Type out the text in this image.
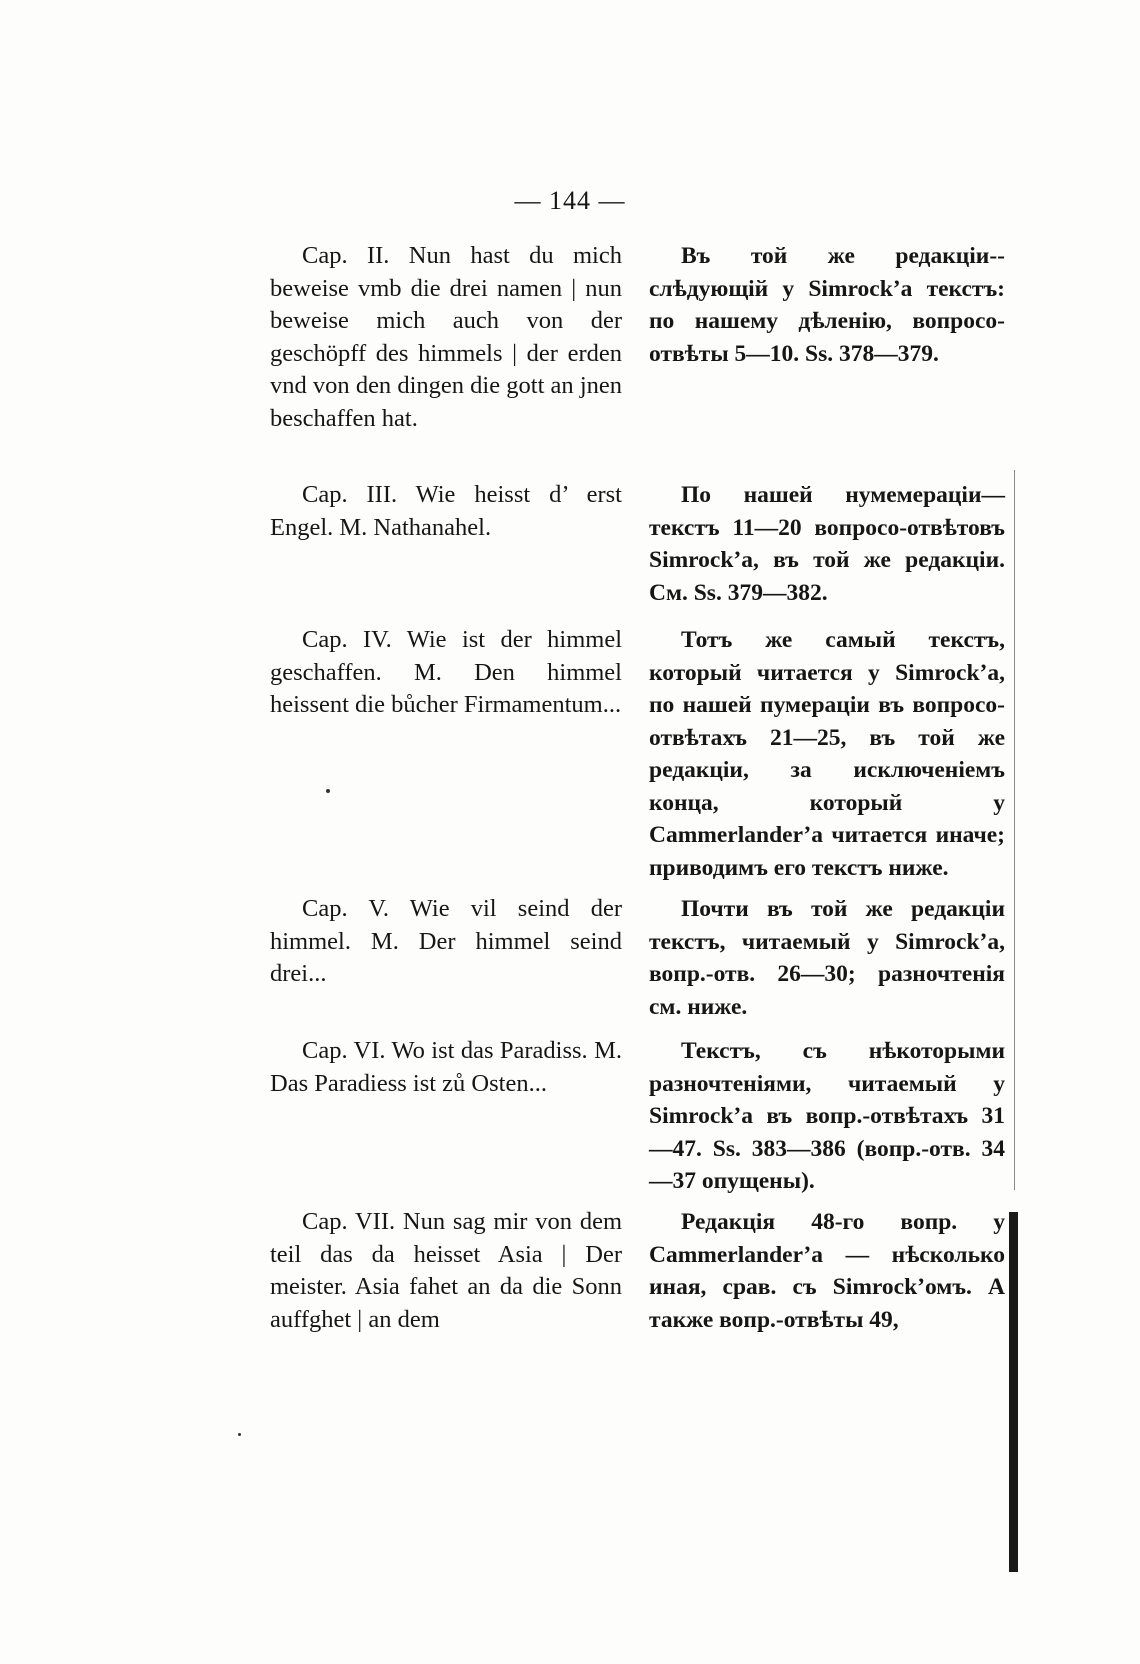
— 144 —

Cap. II. Nun hast du mich beweise vmb die drei namen | nun beweise mich auch von der geschöpff des himmels | der erden vnd von den dingen die gott an jnen beschaffen hat.

Въ той же редакціи--слѣдующій у Simrock’а текстъ: по нашему дѣленію, вопросо-отвѣты 5—10. Ss. 378—379.

Cap. III. Wie heisst d’ erst Engel. M. Nathanahel.

По нашей нумемераціи—текстъ 11—20 вопросо-отвѣтовъ Simrock’а, въ той же редакціи. См. Ss. 379—382.

Cap. IV. Wie ist der himmel geschaffen. M. Den himmel heissent die bůcher Firmamentum...

Тотъ же самый текстъ, который читается у Simrock’а, по нашей пумераціи въ вопросо-отвѣтахъ 21—25, въ той же редакціи, за исключеніемъ конца, который у Cammerlander’а читается иначе; приводимъ его текстъ ниже.

Cap. V. Wie vil seind der himmel. M. Der himmel seind drei...

Почти въ той же редакціи текстъ, читаемый у Simrock’а, вопр.-отв. 26—30; разночтенія см. ниже.

Cap. VI. Wo ist das Paradiss. M. Das Paradiess ist zů Osten...

Текстъ, съ нѣкоторыми разночтеніями, читаемый у Simrock’а въ вопр.-отвѣтахъ 31—47. Ss. 383—386 (вопр.-отв. 34—37 опущены).

Cap. VII. Nun sag mir von dem teil das da heisset Asia | Der meister. Asia fahet an da die Sonn auffghet | an dem

Редакція 48-го вопр. у Cammerlander’а — нѣсколько иная, срав. съ Simrock’омъ. А также вопр.-отвѣты 49,
